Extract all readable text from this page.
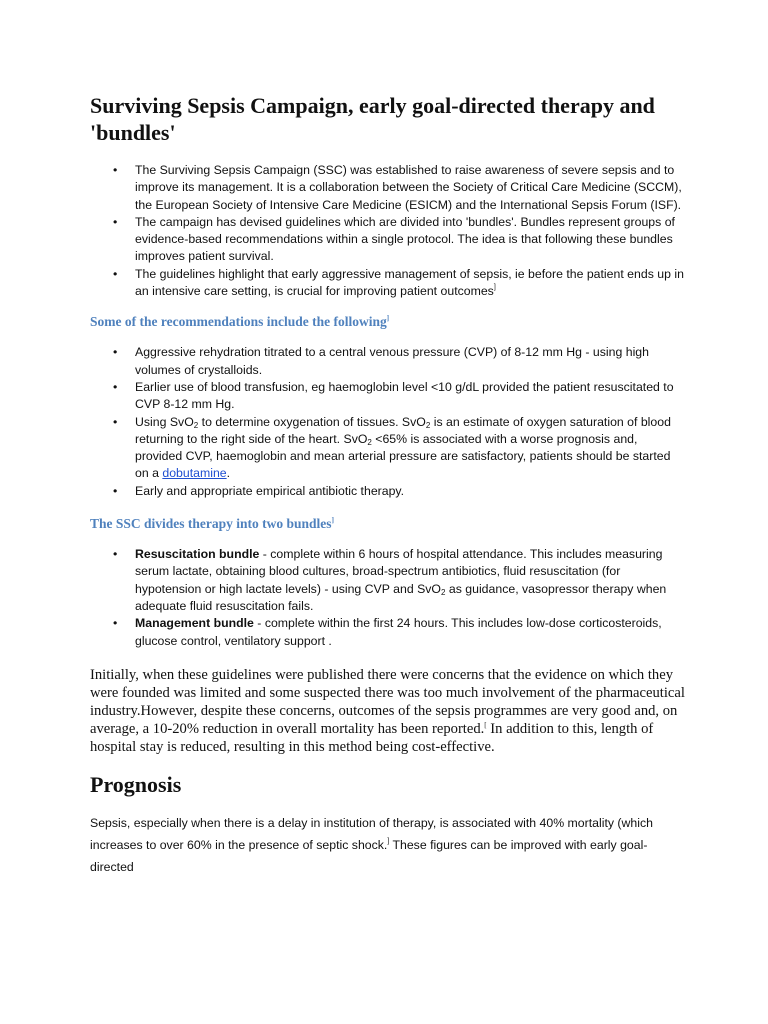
Surviving Sepsis Campaign, early goal-directed therapy and 'bundles'
• The Surviving Sepsis Campaign (SSC) was established to raise awareness of severe sepsis and to improve its management. It is a collaboration between the Society of Critical Care Medicine (SCCM), the European Society of Intensive Care Medicine (ESICM) and the International Sepsis Forum (ISF).
• The campaign has devised guidelines which are divided into 'bundles'. Bundles represent groups of evidence-based recommendations within a single protocol. The idea is that following these bundles improves patient survival.
• The guidelines highlight that early aggressive management of sepsis, ie before the patient ends up in an intensive care setting, is crucial for improving patient outcomes]
Some of the recommendations include the following]
• Aggressive rehydration titrated to a central venous pressure (CVP) of 8-12 mm Hg - using high volumes of crystalloids.
• Earlier use of blood transfusion, eg haemoglobin level <10 g/dL provided the patient resuscitated to CVP 8-12 mm Hg.
• Using SvO$_2$ to determine oxygenation of tissues. SvO$_2$ is an estimate of oxygen saturation of blood returning to the right side of the heart. SvO$_2$ <65% is associated with a worse prognosis and, provided CVP, haemoglobin and mean arterial pressure are satisfactory, patients should be started on a dobutamine.
• Early and appropriate empirical antibiotic therapy.
The SSC divides therapy into two bundles]
• Resuscitation bundle - complete within 6 hours of hospital attendance. This includes measuring serum lactate, obtaining blood cultures, broad-spectrum antibiotics, fluid resuscitation (for hypotension or high lactate levels) - using CVP and SvO$_2$ as guidance, vasopressor therapy when adequate fluid resuscitation fails.
• Management bundle - complete within the first 24 hours. This includes low-dose corticosteroids, glucose control, ventilatory support .

Initially, when these guidelines were published there were concerns that the evidence on which they were founded was limited and some suspected there was too much involvement of the pharmaceutical industry.However, despite these concerns, outcomes of the sepsis programmes are very good and, on average, a 10-20% reduction in overall mortality has been reported.[ In addition to this, length of hospital stay is reduced, resulting in this method being cost-effective.

Prognosis

Sepsis, especially when there is a delay in institution of therapy, is associated with 40% mortality (which increases to over 60% in the presence of septic shock.] These figures can be improved with early goal-directed
